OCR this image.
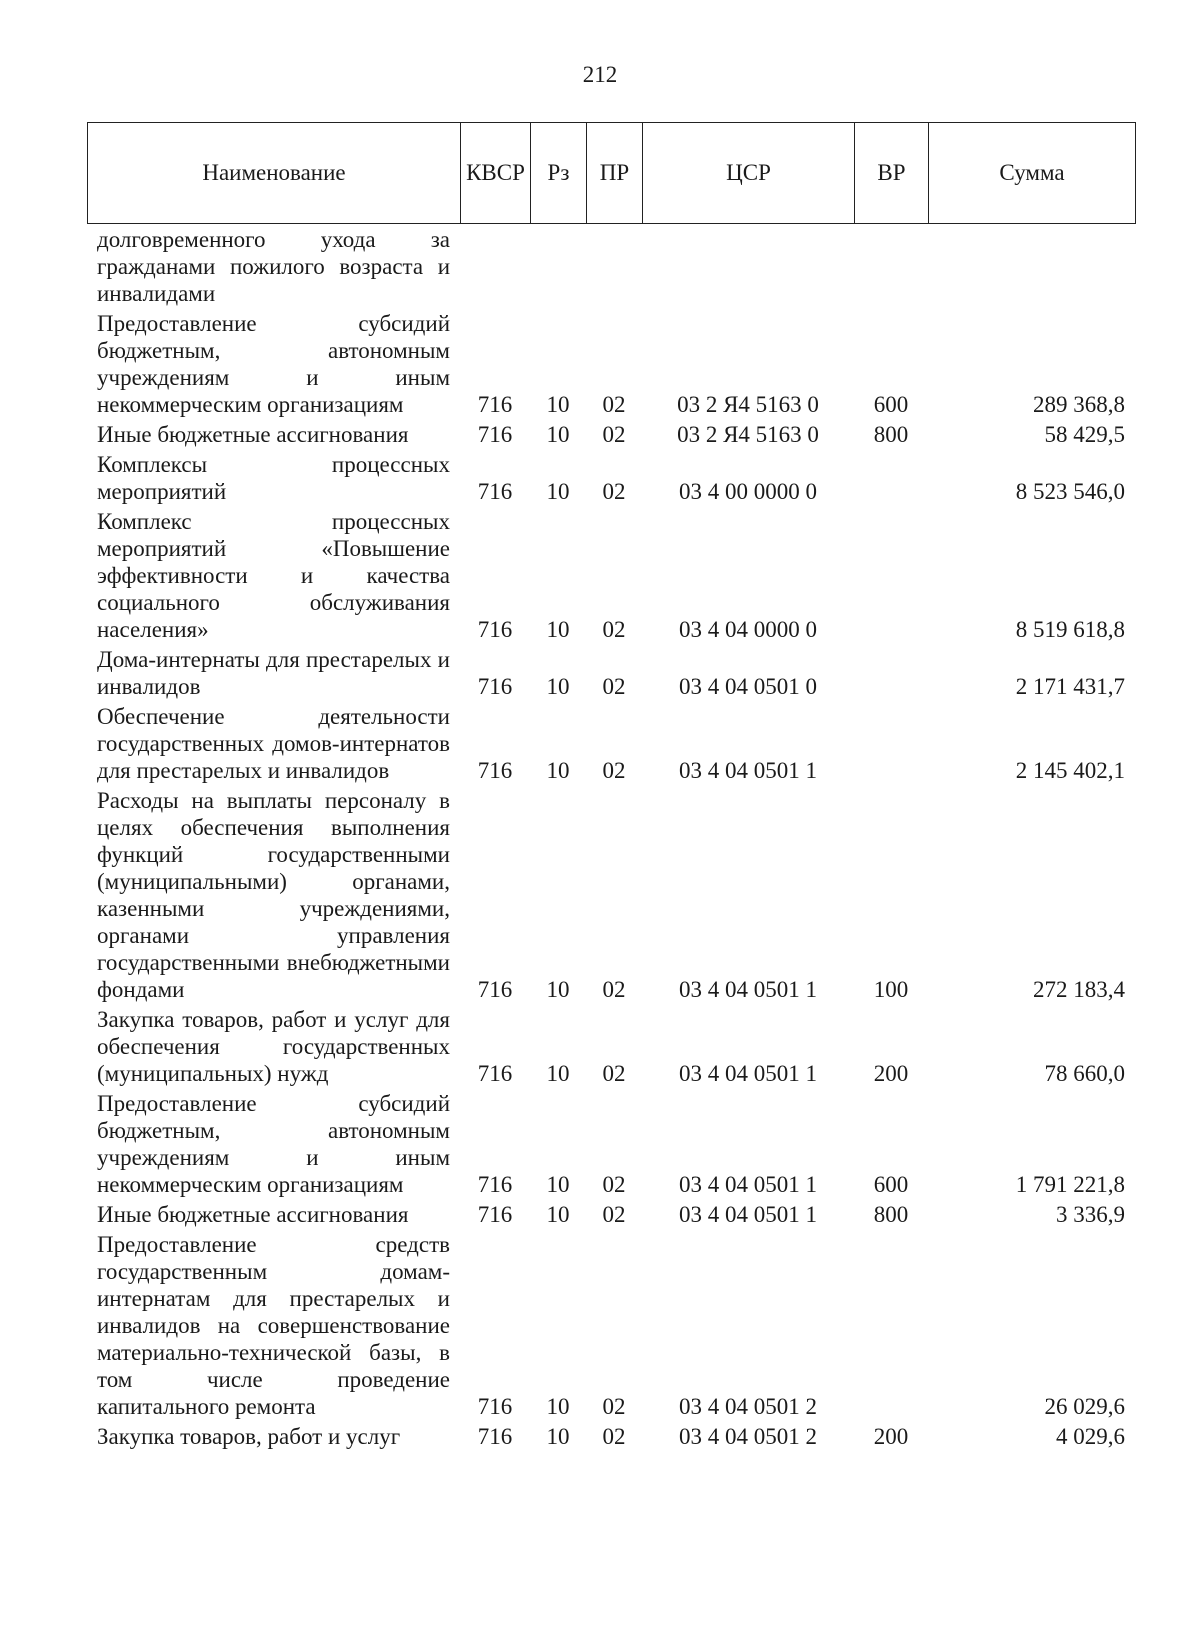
212
Наименование	КВСР	Рз	ПР	ЦСР	ВР	Сумма
долговременного ухода за гражданами пожилого возраста и инвалидами						
Предоставление субсидий бюджетным, автономным учреждениям и иным некоммерческим организациям	716	10	02	03 2 Я4 5163 0	600	289 368,8
Иные бюджетные ассигнования	716	10	02	03 2 Я4 5163 0	800	58 429,5
Комплексы процессных мероприятий	716	10	02	03 4 00 0000 0		8 523 546,0
Комплекс процессных мероприятий «Повышение эффективности и качества социального обслуживания населения»	716	10	02	03 4 04 0000 0		8 519 618,8
Дома-интернаты для престарелых и инвалидов	716	10	02	03 4 04 0501 0		2 171 431,7
Обеспечение деятельности государственных домов-интернатов для престарелых и инвалидов	716	10	02	03 4 04 0501 1		2 145 402,1
Расходы на выплаты персоналу в целях обеспечения выполнения функций государственными (муниципальными) органами, казенными учреждениями, органами управления государственными внебюджетными фондами	716	10	02	03 4 04 0501 1	100	272 183,4
Закупка товаров, работ и услуг для обеспечения государственных (муниципальных) нужд	716	10	02	03 4 04 0501 1	200	78 660,0
Предоставление субсидий бюджетным, автономным учреждениям и иным некоммерческим организациям	716	10	02	03 4 04 0501 1	600	1 791 221,8
Иные бюджетные ассигнования	716	10	02	03 4 04 0501 1	800	3 336,9
Предоставление средств государственным домам-интернатам для престарелых и инвалидов на совершенствование материально-технической базы, в том числе проведение капитального ремонта	716	10	02	03 4 04 0501 2		26 029,6
Закупка товаров, работ и услуг	716	10	02	03 4 04 0501 2	200	4 029,6
